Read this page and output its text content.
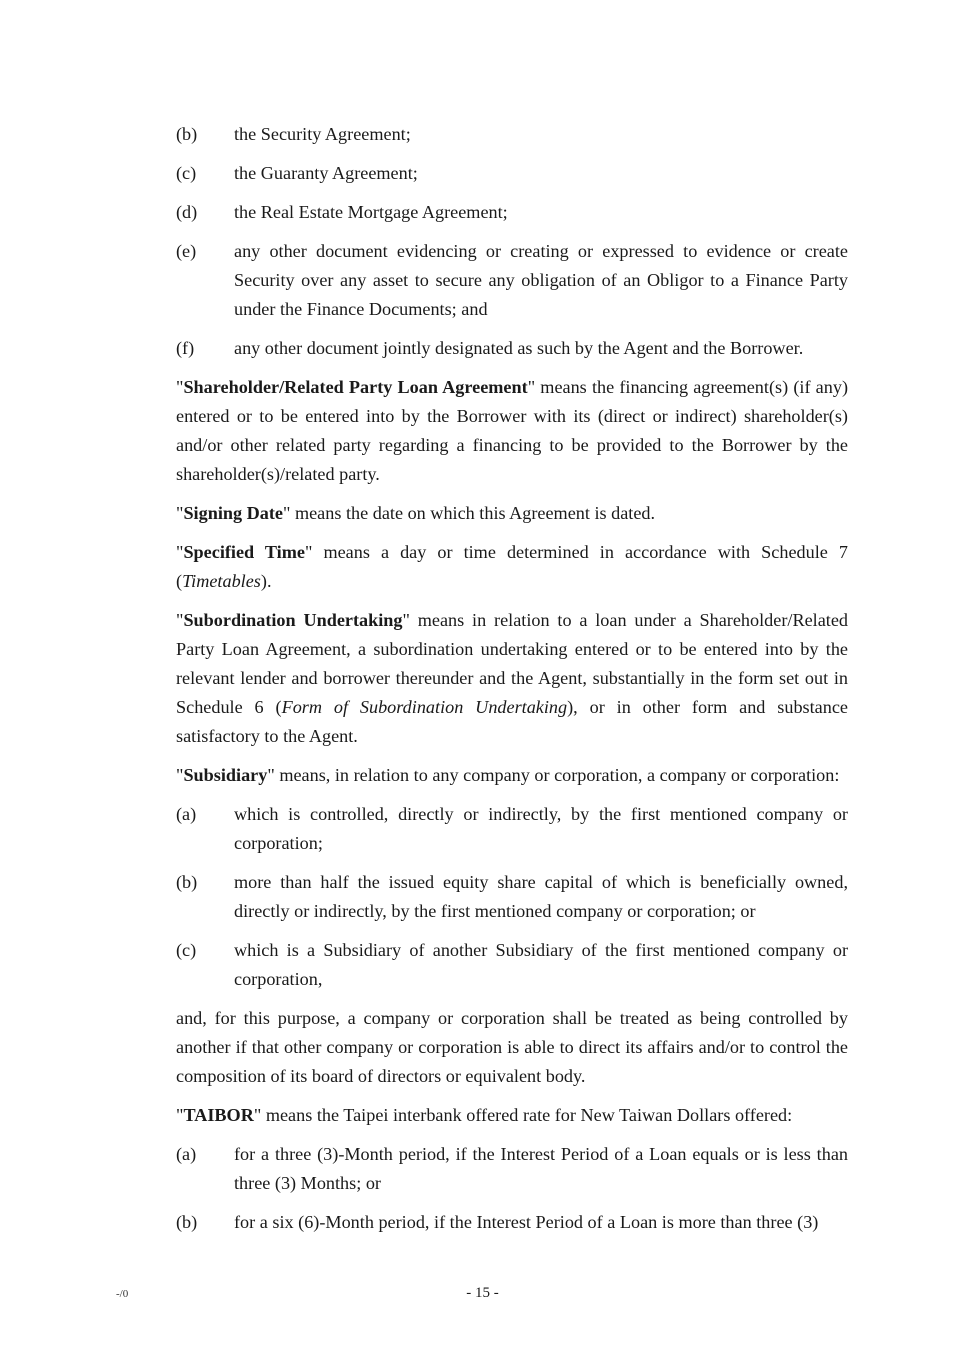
(b)	the Security Agreement;
(c)	the Guaranty Agreement;
(d)	the Real Estate Mortgage Agreement;
(e)	any other document evidencing or creating or expressed to evidence or create Security over any asset to secure any obligation of an Obligor to a Finance Party under the Finance Documents; and
(f)	any other document jointly designated as such by the Agent and the Borrower.

"Shareholder/Related Party Loan Agreement" means the financing agreement(s) (if any) entered or to be entered into by the Borrower with its (direct or indirect) shareholder(s) and/or other related party regarding a financing to be provided to the Borrower by the shareholder(s)/related party.

"Signing Date" means the date on which this Agreement is dated.

"Specified Time" means a day or time determined in accordance with Schedule 7 (Timetables).

"Subordination Undertaking" means in relation to a loan under a Shareholder/Related Party Loan Agreement, a subordination undertaking entered or to be entered into by the relevant lender and borrower thereunder and the Agent, substantially in the form set out in Schedule 6 (Form of Subordination Undertaking), or in other form and substance satisfactory to the Agent.

"Subsidiary" means, in relation to any company or corporation, a company or corporation:

(a)	which is controlled, directly or indirectly, by the first mentioned company or corporation;
(b)	more than half the issued equity share capital of which is beneficially owned, directly or indirectly, by the first mentioned company or corporation; or
(c)	which is a Subsidiary of another Subsidiary of the first mentioned company or corporation,

and, for this purpose, a company or corporation shall be treated as being controlled by another if that other company or corporation is able to direct its affairs and/or to control the composition of its board of directors or equivalent body.

"TAIBOR" means the Taipei interbank offered rate for New Taiwan Dollars offered:

(a)	for a three (3)-Month period, if the Interest Period of a Loan equals or is less than three (3) Months; or
(b)	for a six (6)-Month period, if the Interest Period of a Loan is more than three (3)
-/0	- 15 -
